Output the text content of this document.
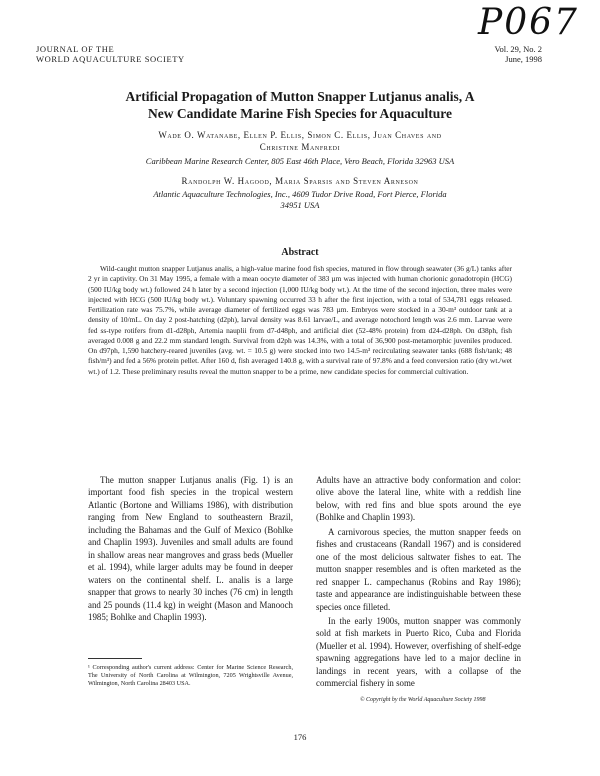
P067
JOURNAL OF THE
WORLD AQUACULTURE SOCIETY
Vol. 29, No. 2
June, 1998
Artificial Propagation of Mutton Snapper Lutjanus analis, A
New Candidate Marine Fish Species for Aquaculture
Wade O. Watanabe, Ellen P. Ellis, Simon C. Ellis, Juan Chaves and
Christine Manfredi
Caribbean Marine Research Center, 805 East 46th Place, Vero Beach, Florida 32963 USA
Randolph W. Hagood, Maria Sparsis and Steven Arneson
Atlantic Aquaculture Technologies, Inc., 4609 Tudor Drive Road, Fort Pierce, Florida
34951 USA
Abstract

Wild-caught mutton snapper Lutjanus analis, a high-value marine food fish species, matured in flow through seawater (36 g/L) tanks after 2 yr in captivity. On 31 May 1995, a female with a mean oocyte diameter of 383 µm was injected with human chorionic gonadotropin (HCG) (500 IU/kg body wt.) followed 24 h later by a second injection (1,000 IU/kg body wt.). At the time of the second injection, three males were injected with HCG (500 IU/kg body wt.). Voluntary spawning occurred 33 h after the first injection, with a total of 534,781 eggs released. Fertilization rate was 75.7%, while average diameter of fertilized eggs was 783 µm. Embryos were stocked in a 30-m³ outdoor tank at a density of 10/mL. On day 2 post-hatching (d2ph), larval density was 8.61 larvae/L, and average notochord length was 2.6 mm. Larvae were fed ss-type rotifers from d1-d28ph, Artemia nauplii from d7-d48ph, and artificial diet (52-48% protein) from d24-d28ph. On d38ph, fish averaged 0.008 g and 22.2 mm standard length. Survival from d2ph was 14.3%, with a total of 36,900 post-metamorphic juveniles produced. On d97ph, 1,590 hatchery-reared juveniles (avg. wt. = 10.5 g) were stocked into two 14.5-m³ recirculating seawater tanks (688 fish/tank; 48 fish/m³) and fed a 56% protein pellet. After 160 d, fish averaged 140.8 g, with a survival rate of 97.8% and a feed conversion ratio (dry wt./wet wt.) of 1.2. These preliminary results reveal the mutton snapper to be a prime, new candidate species for commercial cultivation.

The mutton snapper Lutjanus analis (Fig. 1) is an important food fish species in the tropical western Atlantic (Bortone and Williams 1986), with distribution ranging from New England to southeastern Brazil, including the Bahamas and the Gulf of Mexico (Bohlke and Chaplin 1993). Juveniles and small adults are found in shallow areas near mangroves and grass beds (Mueller et al. 1994), while larger adults may be found in deeper waters on the continental shelf. L. analis is a large snapper that grows to nearly 30 inches (76 cm) in length and 25 pounds (11.4 kg) in weight (Mason and Manooch 1985; Bohlke and Chaplin 1993).

Adults have an attractive body conformation and color: olive above the lateral line, white with a reddish line below, with red fins and blue spots around the eye (Bohlke and Chaplin 1993).

A carnivorous species, the mutton snapper feeds on fishes and crustaceans (Randall 1967) and is considered one of the most delicious saltwater fishes to eat. The mutton snapper resembles and is often marketed as the red snapper L. campechanus (Robins and Ray 1986); taste and appearance are indistinguishable between these species once filleted.

In the early 1900s, mutton snapper was commonly sold at fish markets in Puerto Rico, Cuba and Florida (Mueller et al. 1994). However, overfishing of shelf-edge spawning aggregations have led to a major decline in landings in recent years, with a collapse of the commercial fishery in some

¹ Corresponding author's current address: Center for Marine Science Research, The University of North Carolina at Wilmington, 7205 Wrightsville Avenue, Wilmington, North Carolina 28403 USA.
© Copyright by the World Aquaculture Society 1998
176
